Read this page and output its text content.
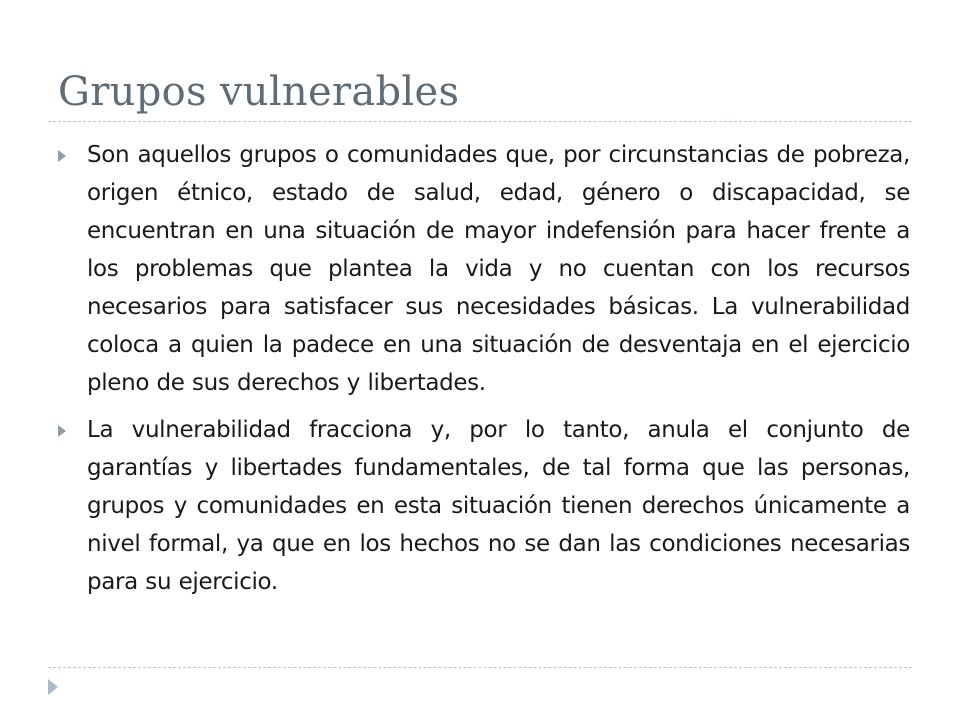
Grupos vulnerables
Son aquellos grupos o comunidades que, por circunstancias de pobreza, origen étnico, estado de salud, edad, género o discapacidad, se encuentran en una situación de mayor indefensión para hacer frente a los problemas que plantea la vida y no cuentan con los recursos necesarios para satisfacer sus necesidades básicas. La vulnerabilidad coloca a quien la padece en una situación de desventaja en el ejercicio pleno de sus derechos y libertades.
La vulnerabilidad fracciona y, por lo tanto, anula el conjunto de garantías y libertades fundamentales, de tal forma que las personas, grupos y comunidades en esta situación tienen derechos únicamente a nivel formal, ya que en los hechos no se dan las condiciones necesarias para su ejercicio.
